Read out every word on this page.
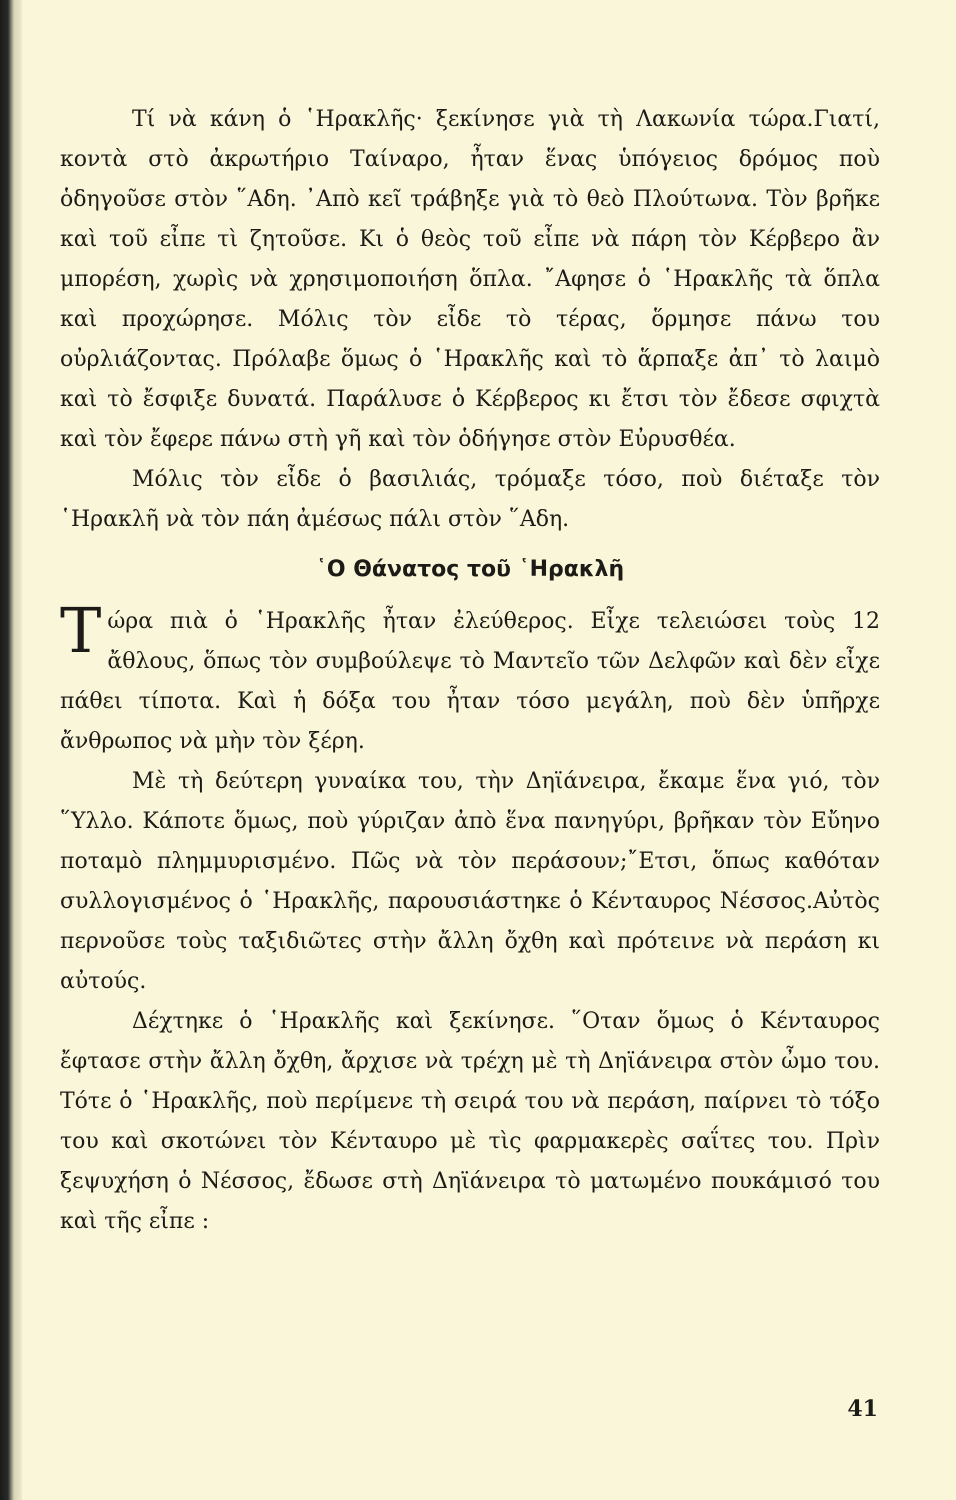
Τί νὰ κάνη ὁ ῾Ηρακλῆς· ξεκίνησε γιὰ τὴ Λακωνία τώρα.Γιατί, κοντὰ στὸ ἀκρωτήριο Ταίναρο, ἦταν ἕνας ὑπόγειος δρόμος ποὺ ὁδηγοῦσε στὸν ῞Αδη. ᾿Απὸ κεῖ τράβηξε γιὰ τὸ θεὸ Πλούτωνα. Τὸν βρῆκε καὶ τοῦ εἶπε τὶ ζητοῦσε. Κι ὁ θεὸς τοῦ εἶπε νὰ πάρη τὸν Κέρβερο ἂν μπορέση, χωρὶς νὰ χρησιμοποιήση ὅπλα. ῎Αφησε ὁ ῾Ηρακλῆς τὰ ὅπλα καὶ προχώρησε. Μόλις τὸν εἶδε τὸ τέρας, ὅρμησε πάνω του οὐρλιάζοντας. Πρόλαβε ὅμως ὁ ῾Ηρακλῆς καὶ τὸ ἅρπαξε ἀπ᾿ τὸ λαιμὸ καὶ τὸ ἔσφιξε δυνατά. Παράλυσε ὁ Κέρβερος κι ἔτσι τὸν ἔδεσε σφιχτὰ καὶ τὸν ἔφερε πάνω στὴ γῆ καὶ τὸν ὁδήγησε στὸν Εὐρυσθέα.

Μόλις τὸν εἶδε ὁ βασιλιάς, τρόμαξε τόσο, ποὺ διέταξε τὸν ῾Ηρακλῆ νὰ τὸν πάη ἀμέσως πάλι στὸν ῞Αδη.

῾Ο Θάνατος τοῦ ῾Ηρακλῆ

Τώρα πιὰ ὁ ῾Ηρακλῆς ἦταν ἐλεύθερος. Εἶχε τελειώσει τοὺς 12 ἄθλους, ὅπως τὸν συμβούλεψε τὸ Μαντεῖο τῶν Δελφῶν καὶ δὲν εἶχε πάθει τίποτα. Καὶ ἡ δόξα του ἦταν τόσο μεγάλη, ποὺ δὲν ὑπῆρχε ἄνθρωπος νὰ μὴν τὸν ξέρη.

Μὲ τὴ δεύτερη γυναίκα του, τὴν Δηϊάνειρα, ἔκαμε ἕνα γιό, τὸν ῞Υλλο. Κάποτε ὅμως, ποὺ γύριζαν ἀπὸ ἕνα πανηγύρι, βρῆκαν τὸν Εὔηνο ποταμὸ πλημμυρισμένο. Πῶς νὰ τὸν περάσουν;῎Ετσι, ὅπως καθόταν συλλογισμένος ὁ ῾Ηρακλῆς, παρουσιάστηκε ὁ Κένταυρος Νέσσος.Αὐτὸς περνοῦσε τοὺς ταξιδιῶτες στὴν ἄλλη ὄχθη καὶ πρότεινε νὰ περάση κι αὐτούς.

Δέχτηκε ὁ ῾Ηρακλῆς καὶ ξεκίνησε. ῞Οταν ὅμως ὁ Κένταυρος ἔφτασε στὴν ἄλλη ὄχθη, ἄρχισε νὰ τρέχη μὲ τὴ Δηϊάνειρα στὸν ὦμο του. Τότε ὁ ῾Ηρακλῆς, ποὺ περίμενε τὴ σειρά του νὰ περάση, παίρνει τὸ τόξο του καὶ σκοτώνει τὸν Κένταυρο μὲ τὶς φαρμακερὲς σαΐτες του. Πρὶν ξεψυχήση ὁ Νέσσος, ἔδωσε στὴ Δηϊάνειρα τὸ ματωμένο πουκάμισό του καὶ τῆς εἶπε :

41
